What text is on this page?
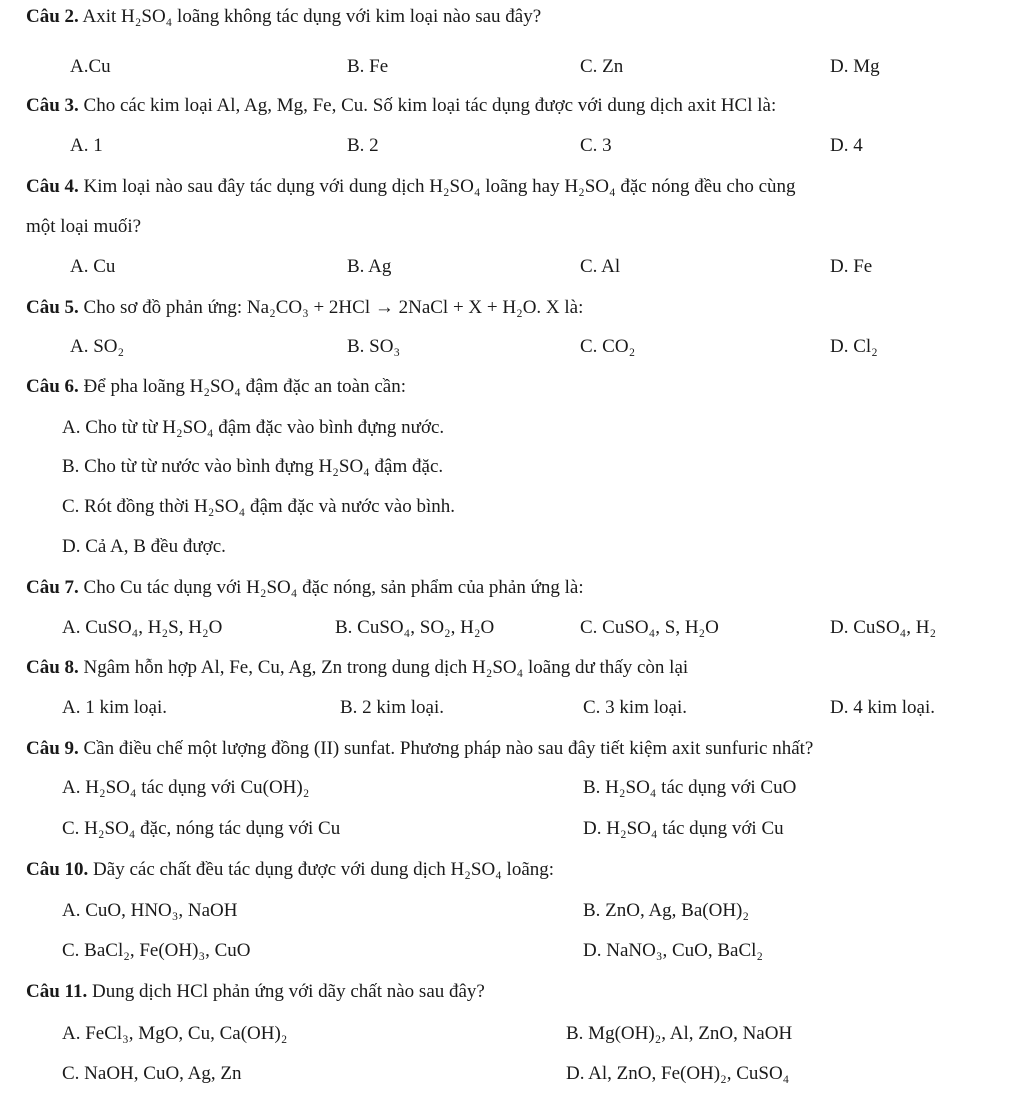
Câu 2. Axit H₂SO₄ loãng không tác dụng với kim loại nào sau đây?
A.Cu	B. Fe	C. Zn	D. Mg
Câu 3. Cho các kim loại Al, Ag, Mg, Fe, Cu. Số kim loại tác dụng được với dung dịch axit HCl là:
A. 1	B. 2	C. 3	D. 4
Câu 4. Kim loại nào sau đây tác dụng với dung dịch H₂SO₄ loãng hay H₂SO₄ đặc nóng đều cho cùng
một loại muối?
A. Cu	B. Ag	C. Al	D. Fe
Câu 5. Cho sơ đồ phản ứng: Na₂CO₃ + 2HCl → 2NaCl + X + H₂O. X là:
A. SO₂	B. SO₃	C. CO₂	D. Cl₂
Câu 6. Để pha loãng H₂SO₄ đậm đặc an toàn cần:
A. Cho từ từ H₂SO₄ đậm đặc vào bình đựng nước.
B. Cho từ từ nước vào bình đựng H₂SO₄ đậm đặc.
C. Rót đồng thời H₂SO₄ đậm đặc và nước vào bình.
D. Cả A, B đều được.
Câu 7. Cho Cu tác dụng với H₂SO₄ đặc nóng, sản phẩm của phản ứng là:
A. CuSO₄, H₂S, H₂O	B. CuSO₄, SO₂, H₂O	C. CuSO₄, S, H₂O	D. CuSO₄, H₂
Câu 8. Ngâm hỗn hợp Al, Fe, Cu, Ag, Zn trong dung dịch H₂SO₄ loãng dư thấy còn lại
A. 1 kim loại.	B. 2 kim loại.	C. 3 kim loại.	D. 4 kim loại.
Câu 9. Cần điều chế một lượng đồng (II) sunfat. Phương pháp nào sau đây tiết kiệm axit sunfuric nhất?
A. H₂SO₄ tác dụng với Cu(OH)₂	B. H₂SO₄ tác dụng với CuO
C. H₂SO₄ đặc, nóng tác dụng với Cu	D. H₂SO₄ tác dụng với Cu
Câu 10. Dãy các chất đều tác dụng được với dung dịch H₂SO₄ loãng:
A. CuO, HNO₃, NaOH	B. ZnO, Ag, Ba(OH)₂
C. BaCl₂, Fe(OH)₃, CuO	D. NaNO₃, CuO, BaCl₂
Câu 11. Dung dịch HCl phản ứng với dãy chất nào sau đây?
A. FeCl₃, MgO, Cu, Ca(OH)₂	B. Mg(OH)₂, Al, ZnO, NaOH
C. NaOH, CuO, Ag, Zn	D. Al, ZnO, Fe(OH)₂, CuSO₄
